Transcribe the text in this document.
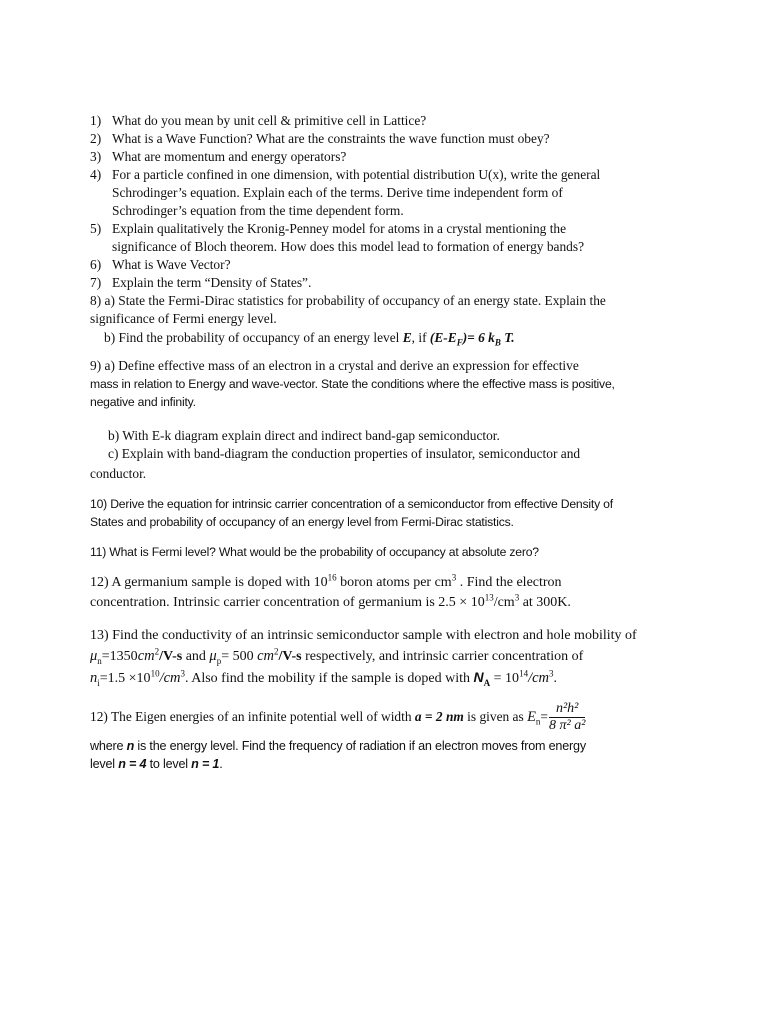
1) What do you mean by unit cell & primitive cell in Lattice?
2) What is a Wave Function? What are the constraints the wave function must obey?
3) What are momentum and energy operators?
4) For a particle confined in one dimension, with potential distribution U(x), write the general
Schrodinger’s equation. Explain each of the terms. Derive time independent form of
Schrodinger’s equation from the time dependent form.
5) Explain qualitatively the Kronig-Penney model for atoms in a crystal mentioning the
significance of Bloch theorem. How does this model lead to formation of energy bands?
6) What is Wave Vector?
7) Explain the term “Density of States”.
8) a) State the Fermi-Dirac statistics for probability of occupancy of an energy state. Explain the
significance of Fermi energy level.
b) Find the probability of occupancy of an energy level E, if $(E-E_F)= 6$ $k_B$ T.
9) a) Define effective mass of an electron in a crystal and derive an expression for effective
mass in relation to Energy and wave-vector. State the conditions where the effective mass is positive,
negative and infinity.
b) With E-k diagram explain direct and indirect band-gap semiconductor.
c) Explain with band-diagram the conduction properties of insulator, semiconductor and
conductor.
10) Derive the equation for intrinsic carrier concentration of a semiconductor from effective Density of
States and probability of occupancy of an energy level from Fermi-Dirac statistics.
11) What is Fermi level? What would be the probability of occupancy at absolute zero?
12) A germanium sample is doped with $10^{16}$ boron atoms per $cm^3$ . Find the electron
concentration. Intrinsic carrier concentration of germanium is $2.5 \times 10^{13}/cm^3$ at 300K.
13) Find the conductivity of an intrinsic semiconductor sample with electron and hole mobility of
$\mu_n=1350cm^2/V-s$ and $\mu_p= 500$ $cm^2/V-s$ respectively, and intrinsic carrier concentration of
$n_i=1.5 \times 10^{10}/cm^3$. Also find the mobility if the sample is doped with $N_A = 10^{14}/cm^3$.
12) The Eigen energies of an infinite potential well of width a = 2 nm is given as $E_n= \frac{\text{n²h²}}{\text{8 π² a²}}$
where n is the energy level. Find the frequency of radiation if an electron moves from energy
level n = 4 to level n = 1.
